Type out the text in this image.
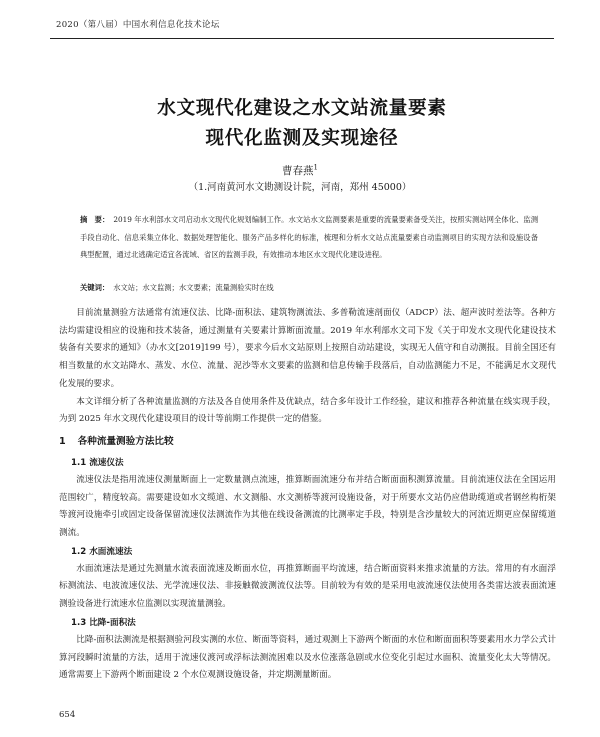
2020（第八届）中国水利信息化技术论坛
水文现代化建设之水文站流量要素
现代化监测及实现途径
曹春燕$^1$
（1.河南黄河水文勘测设计院，河南，郑州 45000）
摘　要： 2019 年水利部水文司启动水文现代化规划编制工作。水文站水文监测要素是重要的流量要素备受关注，按照实测站网全体化、监测手段自动化、信息采集立体化、数据处理智能化、服务产品多样化的标准，梳理和分析水文站点流量要素自动监测项目的实现方法和设施设备典型配置，通过北逃确定适宜各流域、省区的监测手段，有效推动本地区水文现代化建设进程。
关键词： 水文站；水文监测；水文要素；流量测验实时在线

目前流量测验方法通常有流速仪法、比降-面积法、建筑物测流法、多普勒流速剖面仪（ADCP）法、超声波时差法等。各种方法均需建设相应的设施和技术装备，通过测量有关要素计算断面流量。2019 年水利部水文司下发《关于印发水文现代化建设技术装备有关要求的通知》（办水文[2019]199 号），要求今后水文站原则上按照自动站建设，实现无人值守和自动测报。目前全国还有相当数量的水文站降水、蒸发、水位、流量、泥沙等水文要素的监测和信息传输手段落后，自动监测能力不足，不能满足水文现代化发展的要求。

本文详细分析了各种流量监测的方法及各自使用条件及优缺点，结合多年设计工作经验，建议和推荐各种流量在线实现手段，为到 2025 年水文现代化建设项目的设计等前期工作提供一定的借鉴。

1 各种流量测验方法比较
1.1 流速仪法

流速仪法是指用流速仪测量断面上一定数量测点流速，推算断面流速分布并结合断面面积测算流量。目前流速仪法在全国运用范围较广，精度较高。需要建设如水文缆道、水文测船、水文测桥等渡河设施设备，对于所要水文站仍应借助缆道或者钢丝构桁架等渡河设施牵引或固定设备保留流速仪法测流作为其他在线设备测流的比测率定手段，特别是含沙量较大的河流近期更应保留缆道测流。

1.2 水面流速法

水面流速法是通过先测量水流表面流速及断面水位，再推算断面平均流速，结合断面资料来推求流量的方法。常用的有水面浮标测流法、电波流速仪法、光学流速仪法、非接触微波测流仪法等。目前较为有效的是采用电波流速仪法使用各类雷达波表面流速测验设备进行流速水位监测以实现流量测验。

1.3 比降-面积法

比降-面积法测流是根据测验河段实测的水位、断面等资料，通过观测上下游两个断面的水位和断面面积等要素用水力学公式计算河段瞬时流量的方法，适用于流速仪渡河或浮标法测流困难以及水位涨落急剧或水位变化引起过水面积、流量变化太大等情况。通常需要上下游两个断面建设 2 个水位观测设施设备，并定期测量断面。

654
